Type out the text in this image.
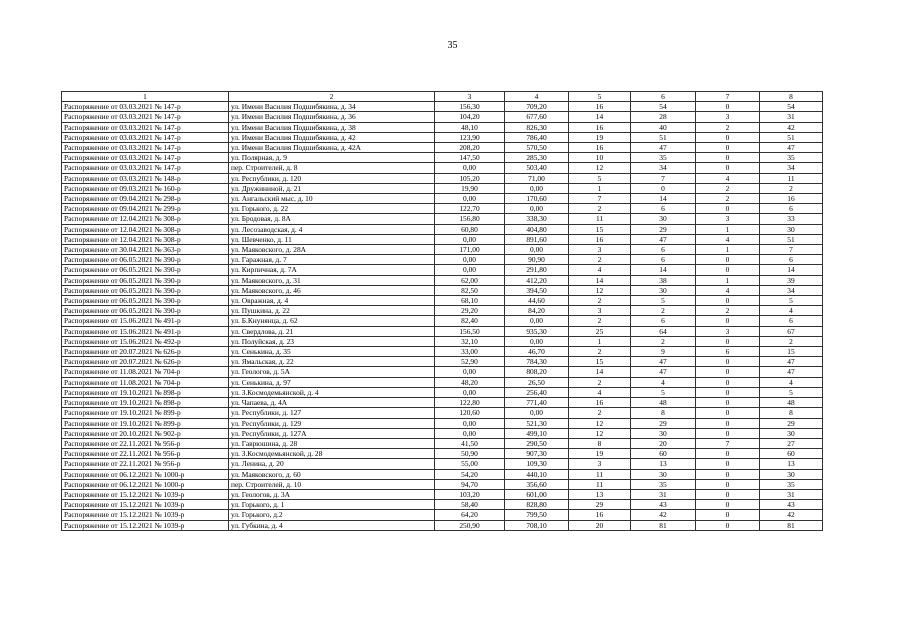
35
1	2	3	4	5	6	7	8
Распоряжение от 03.03.2021 № 147-р	ул. Имени Василия Подшибякина, д. 34	156,30	709,20	16	54	0	54
Распоряжение от 03.03.2021 № 147-р	ул. Имени Василия Подшибякина, д. 36	104,20	677,60	14	28	3	31
Распоряжение от 03.03.2021 № 147-р	ул. Имени Василия Подшибякина, д. 38	48,10	826,30	16	40	2	42
Распоряжение от 03.03.2021 № 147-р	ул. Имени Василия Подшибякина, д. 42	123,90	786,40	19	51	0	51
Распоряжение от 03.03.2021 № 147-р	ул. Имени Василия Подшибякина, д. 42А	208,20	570,50	16	47	0	47
Распоряжение от 03.03.2021 № 147-р	ул. Полярная, д. 9	147,50	285,30	10	35	0	35
Распоряжение от 03.03.2021 № 147-р	пер. Строителей, д. 8	0,00	503,40	12	34	0	34
Распоряжение от 03.03.2021 № 148-р	ул. Республики, д. 120	105,20	71,00	5	7	4	11
Распоряжение от 09.03.2021 № 160-р	ул. Дружининой, д. 21	19,90	0,00	1	0	2	2
Распоряжение от 09.04.2021 № 298-р	ул. Ангальский мыс, д. 10	0,00	170,60	7	14	2	16
Распоряжение от 09.04.2021 № 299-р	ул. Горького, д. 22	122,70	0,00	2	6	0	6
Распоряжение от 12.04.2021 № 308-р	ул. Бродовая, д. 8А	156,80	338,30	11	30	3	33
Распоряжение от 12.04.2021 № 308-р	ул. Лесозаводская, д. 4	60,80	404,80	15	29	1	30
Распоряжение от 12.04.2021 № 308-р	ул. Шевченко, д. 11	0,00	891,60	16	47	4	51
Распоряжение от 30.04.2021 № 363-р	ул. Маяковского, д. 28А	171,00	0,00	3	6	1	7
Распоряжение от 06.05.2021 № 390-р	ул. Гаражная, д. 7	0,00	90,90	2	6	0	6
Распоряжение от 06.05.2021 № 390-р	ул. Кирпичная, д. 7А	0,00	291,80	4	14	0	14
Распоряжение от 06.05.2021 № 390-р	ул. Маяковского, д. 31	62,00	412,20	14	38	1	39
Распоряжение от 06.05.2021 № 390-р	ул. Маяковского, д. 46	82,50	394,50	12	30	4	34
Распоряжение от 06.05.2021 № 390-р	ул. Овражная, д. 4	68,10	44,60	2	5	0	5
Распоряжение от 06.05.2021 № 390-р	ул. Пушкина, д. 22	29,20	84,20	3	2	2	4
Распоряжение от 15.06.2021 № 491-р	ул. Б.Кнунянца, д. 62	82,40	0,00	2	6	0	6
Распоряжение от 15.06.2021 № 491-р	ул. Свердлова, д. 21	156,50	935,30	25	64	3	67
Распоряжение от 15.06.2021 № 492-р	ул. Полуйская, д. 23	32,10	0,00	1	2	0	2
Распоряжение от 20.07.2021 № 626-р	ул. Сенькина, д. 35	33,00	46,70	2	9	6	15
Распоряжение от 20.07.2021 № 626-р	ул. Ямальская, д. 22	52,90	784,30	15	47	0	47
Распоряжение от 11.08.2021 № 704-р	ул. Геологов, д. 5А	0,00	808,20	14	47	0	47
Распоряжение от 11.08.2021 № 704-р	ул. Сенькина, д. 97	48,20	26,50	2	4	0	4
Распоряжение от 19.10.2021 № 898-р	ул. З.Космодемьянской, д. 4	0,00	256,40	4	5	0	5
Распоряжение от 19.10.2021 № 898-р	ул. Чапаева, д. 4А	122,80	771,40	16	48	0	48
Распоряжение от 19.10.2021 № 899-р	ул. Республики, д. 127	120,60	0,00	2	8	0	8
Распоряжение от 19.10.2021 № 899-р	ул. Республики, д. 129	0,00	521,30	12	29	0	29
Распоряжение от 20.10.2021 № 902-р	ул. Республики, д. 127А	0,00	499,10	12	30	0	30
Распоряжение от 22.11.2021 № 956-р	ул. Гаврюшина, д. 28	41,50	290,50	8	20	7	27
Распоряжение от 22.11.2021 № 956-р	ул. З.Космодемьянской, д. 28	50,90	907,30	19	60	0	60
Распоряжение от 22.11.2021 № 956-р	ул. Ленина, д. 20	55,00	109,30	3	13	0	13
Распоряжение от 06.12.2021 № 1000-р	ул. Маяковского, д. 60	54,20	440,10	11	30	0	30
Распоряжение от 06.12.2021 № 1000-р	пер. Строителей, д. 10	94,70	356,60	11	35	0	35
Распоряжение от 15.12.2021 № 1039-р	ул. Геологов, д. 3А	103,20	601,00	13	31	0	31
Распоряжение от 15.12.2021 № 1039-р	ул. Горького, д. 1	58,40	828,80	29	43	0	43
Распоряжение от 15.12.2021 № 1039-р	ул. Горького, д.2	64,20	799,50	16	42	0	42
Распоряжение от 15.12.2021 № 1039-р	ул. Губкина, д. 4	250,90	708,10	20	81	0	81
